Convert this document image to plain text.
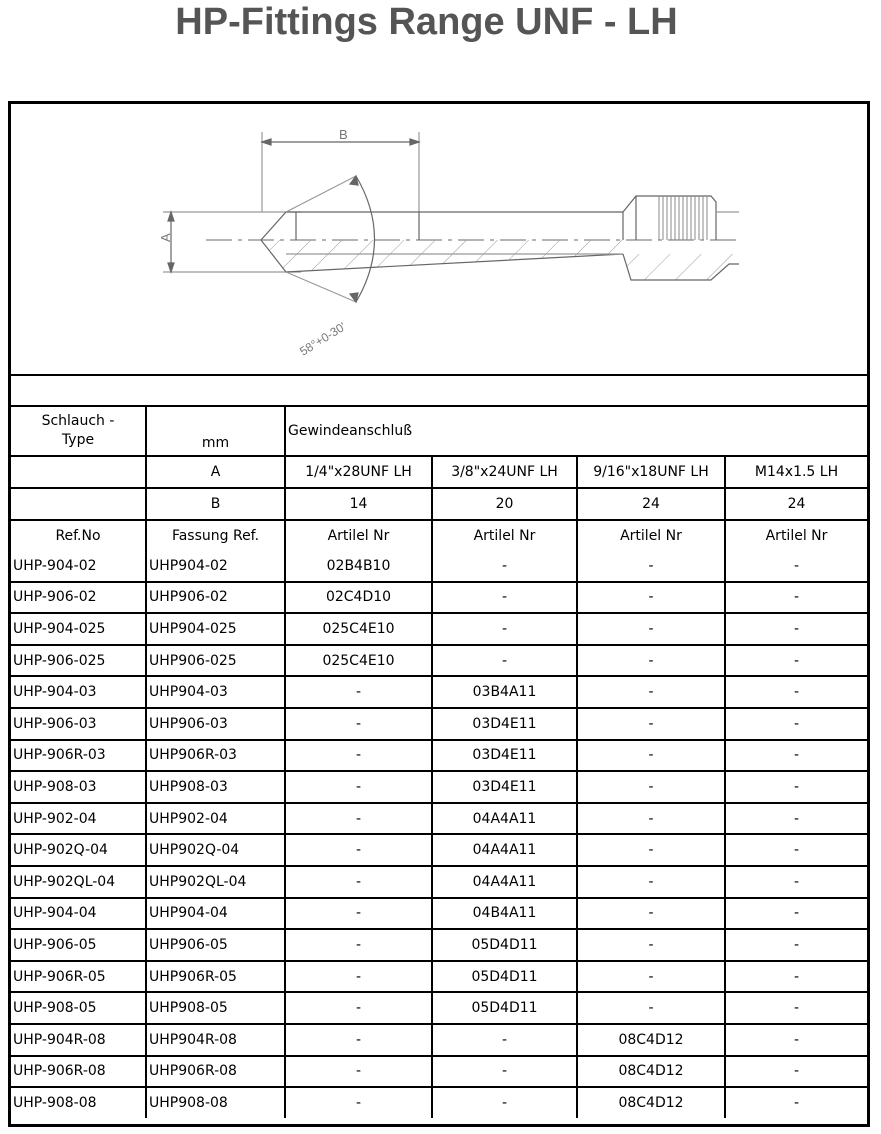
HP-Fittings Range UNF - LH
B
A
58°+0-30'
Schlauch -
Type	mm	Gewindeanschluß			
	A	1/4"x28UNF LH	3/8"x24UNF LH	9/16"x18UNF LH	M14x1.5 LH
	B	14	20	24	24
Ref.No	Fassung Ref.	Artilel Nr	Artilel Nr	Artilel Nr	Artilel Nr
UHP-904-02	UHP904-02	02B4B10	-	-	-
UHP-906-02	UHP906-02	02C4D10	-	-	-
UHP-904-025	UHP904-025	025C4E10	-	-	-
UHP-906-025	UHP906-025	025C4E10	-	-	-
UHP-904-03	UHP904-03	-	03B4A11	-	-
UHP-906-03	UHP906-03	-	03D4E11	-	-
UHP-906R-03	UHP906R-03	-	03D4E11	-	-
UHP-908-03	UHP908-03	-	03D4E11	-	-
UHP-902-04	UHP902-04	-	04A4A11	-	-
UHP-902Q-04	UHP902Q-04	-	04A4A11	-	-
UHP-902QL-04	UHP902QL-04	-	04A4A11	-	-
UHP-904-04	UHP904-04	-	04B4A11	-	-
UHP-906-05	UHP906-05	-	05D4D11	-	-
UHP-906R-05	UHP906R-05	-	05D4D11	-	-
UHP-908-05	UHP908-05	-	05D4D11	-	-
UHP-904R-08	UHP904R-08	-	-	08C4D12	-
UHP-906R-08	UHP906R-08	-	-	08C4D12	-
UHP-908-08	UHP908-08	-	-	08C4D12	-
